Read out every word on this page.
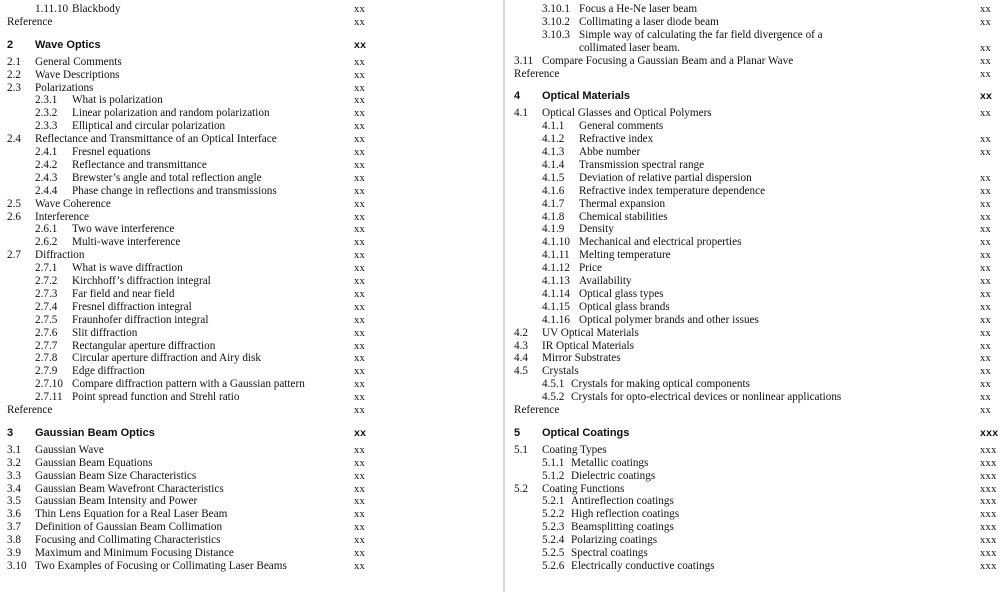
1.11.10 Blackbody	xx
Reference	xx
2 Wave Optics	xx
2.1 General Comments	xx
2.2 Wave Descriptions	xx
2.3 Polarizations	xx
2.3.1 What is polarization	xx
2.3.2 Linear polarization and random polarization	xx
2.3.3 Elliptical and circular polarization	xx
2.4 Reflectance and Transmittance of an Optical Interface	xx
2.4.1 Fresnel equations	xx
2.4.2 Reflectance and transmittance	xx
2.4.3 Brewster’s angle and total reflection angle	xx
2.4.4 Phase change in reflections and transmissions	xx
2.5 Wave Coherence	xx
2.6 Interference	xx
2.6.1 Two wave interference	xx
2.6.2 Multi-wave interference	xx
2.7 Diffraction	xx
2.7.1 What is wave diffraction	xx
2.7.2 Kirchhoff’s diffraction integral	xx
2.7.3 Far field and near field	xx
2.7.4 Fresnel diffraction integral	xx
2.7.5 Fraunhofer diffraction integral	xx
2.7.6 Slit diffraction	xx
2.7.7 Rectangular aperture diffraction	xx
2.7.8 Circular aperture diffraction and Airy disk	xx
2.7.9 Edge diffraction	xx
2.7.10 Compare diffraction pattern with a Gaussian pattern	xx
2.7.11 Point spread function and Strehl ratio	xx
Reference	xx
3 Gaussian Beam Optics	xx
3.1 Gaussian Wave	xx
3.2 Gaussian Beam Equations	xx
3.3 Gaussian Beam Size Characteristics	xx
3.4 Gaussian Beam Wavefront Characteristics	xx
3.5 Gaussian Beam Intensity and Power	xx
3.6 Thin Lens Equation for a Real Laser Beam	xx
3.7 Definition of Gaussian Beam Collimation	xx
3.8 Focusing and Collimating Characteristics	xx
3.9 Maximum and Minimum Focusing Distance	xx
3.10 Two Examples of Focusing or Collimating Laser Beams	xx
3.10.1 Focus a He-Ne laser beam	xx
3.10.2 Collimating a laser diode beam	xx
3.10.3 Simple way of calculating the far field divergence of a
collimated laser beam.	xx
3.11 Compare Focusing a Gaussian Beam and a Planar Wave	xx
Reference	xx
4 Optical Materials	xx
4.1 Optical Glasses and Optical Polymers	xx
4.1.1 General comments
4.1.2 Refractive index	xx
4.1.3 Abbe number	xx
4.1.4 Transmission spectral range
4.1.5 Deviation of relative partial dispersion	xx
4.1.6 Refractive index temperature dependence	xx
4.1.7 Thermal expansion	xx
4.1.8 Chemical stabilities	xx
4.1.9 Density	xx
4.1.10 Mechanical and electrical properties	xx
4.1.11 Melting temperature	xx
4.1.12 Price	xx
4.1.13 Availability	xx
4.1.14 Optical glass types	xx
4.1.15 Optical glass brands	xx
4.1.16 Optical polymer brands and other issues	xx
4.2 UV Optical Materials	xx
4.3 IR Optical Materials	xx
4.4 Mirror Substrates	xx
4.5 Crystals	xx
4.5.1 Crystals for making optical components	xx
4.5.2 Crystals for opto-electrical devices or nonlinear applications	xx
Reference	xx
5 Optical Coatings	xxx
5.1 Coating Types	xxx
5.1.1 Metallic coatings	xxx
5.1.2 Dielectric coatings	xxx
5.2 Coating Functions	xxx
5.2.1 Antireflection coatings	xxx
5.2.2 High reflection coatings	xxx
5.2.3 Beamsplitting coatings	xxx
5.2.4 Polarizing coatings	xxx
5.2.5 Spectral coatings	xxx
5.2.6 Electrically conductive coatings	xxx
